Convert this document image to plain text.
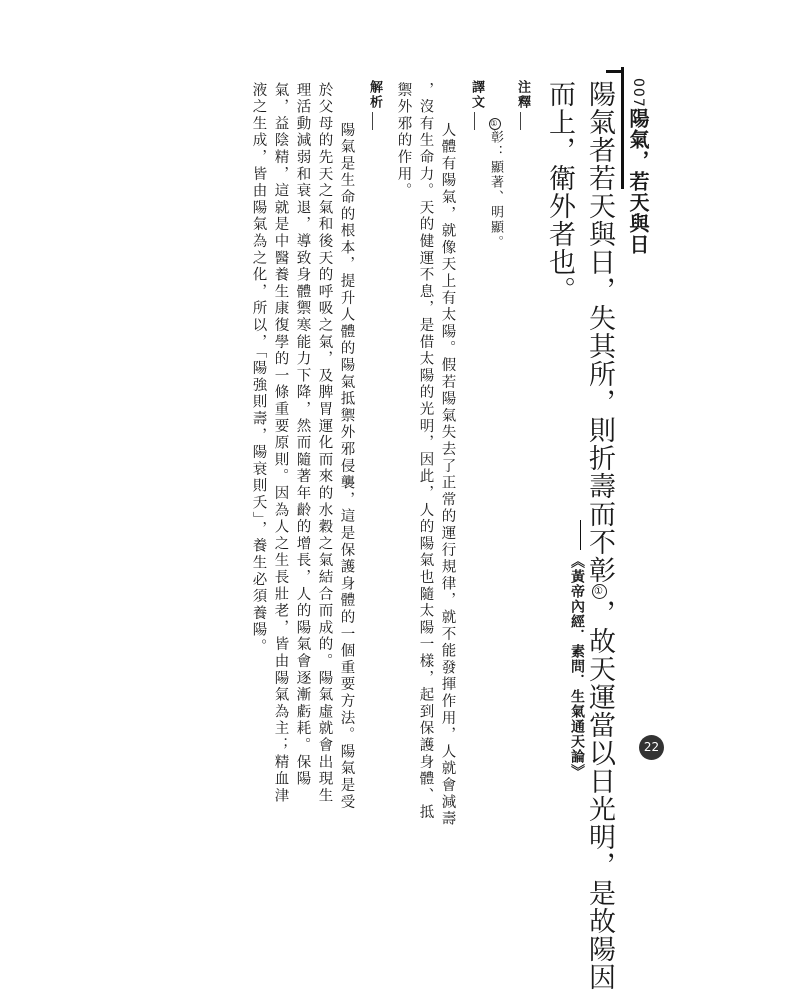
007陽氣，若天與日
陽氣者若天與日，失其所，則折壽而不彰①，故天運當以日光明，是故陽因
而上，衛外者也。
《黃帝內經．素問．生氣通天論》
注釋
①彰：顯著、明顯。
譯文
人體有陽氣，就像天上有太陽。假若陽氣失去了正常的運行規律，就不能發揮作用，人就會減壽
，沒有生命力。天的健運不息，是借太陽的光明，因此，人的陽氣也隨太陽一樣，起到保護身體、抵
禦外邪的作用。
解析
陽氣是生命的根本，提升人體的陽氣抵禦外邪侵襲，這是保護身體的一個重要方法。陽氣是受
於父母的先天之氣和後天的呼吸之氣，及脾胃運化而來的水穀之氣結合而成的。陽氣虛就會出現生
理活動減弱和衰退，導致身體禦寒能力下降，然而隨著年齡的增長，人的陽氣會逐漸虧耗。保陽
氣，益陰精，這就是中醫養生康復學的一條重要原則。因為人之生長壯老，皆由陽氣為主；精血津
液之生成，皆由陽氣為之化，所以，「陽強則壽，陽衰則夭」，養生必須養陽。
22
